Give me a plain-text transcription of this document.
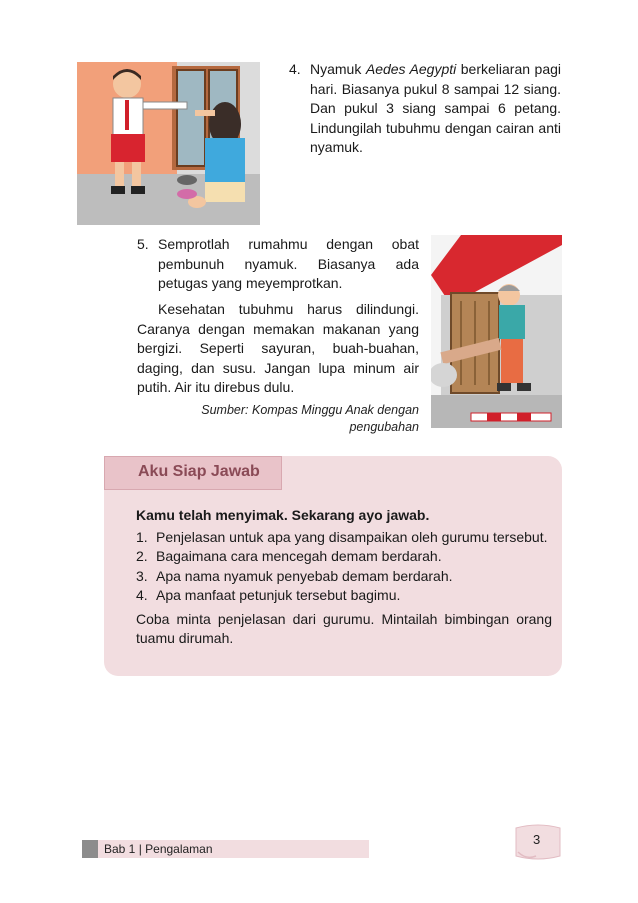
4. Nyamuk Aedes Aegypti berkeliaran pagi hari. Biasanya pukul 8 sampai 12 siang. Dan pukul 3 siang sampai 6 petang. Lindungilah tubuhmu dengan cairan anti nyamuk.
5. Semprotlah rumahmu dengan obat pembunuh nyamuk. Biasanya ada petugas yang meyemprotkan.
Kesehatan tubuhmu harus dilindungi. Caranya dengan memakan makanan yang bergizi. Seperti sayuran, buah-buahan, daging, dan susu. Jangan lupa minum air putih. Air itu direbus dulu.
Sumber: Kompas Minggu Anak dengan
pengubahan
Aku Siap Jawab
Kamu telah menyimak. Sekarang ayo jawab.
1. Penjelasan untuk apa yang disampaikan oleh gurumu tersebut.
2. Bagaimana cara mencegah demam berdarah.
3. Apa nama nyamuk penyebab demam berdarah.
4. Apa manfaat petunjuk tersebut bagimu.
Coba minta penjelasan dari gurumu. Mintailah bimbingan orang tuamu dirumah.
Bab 1 | Pengalaman
3
